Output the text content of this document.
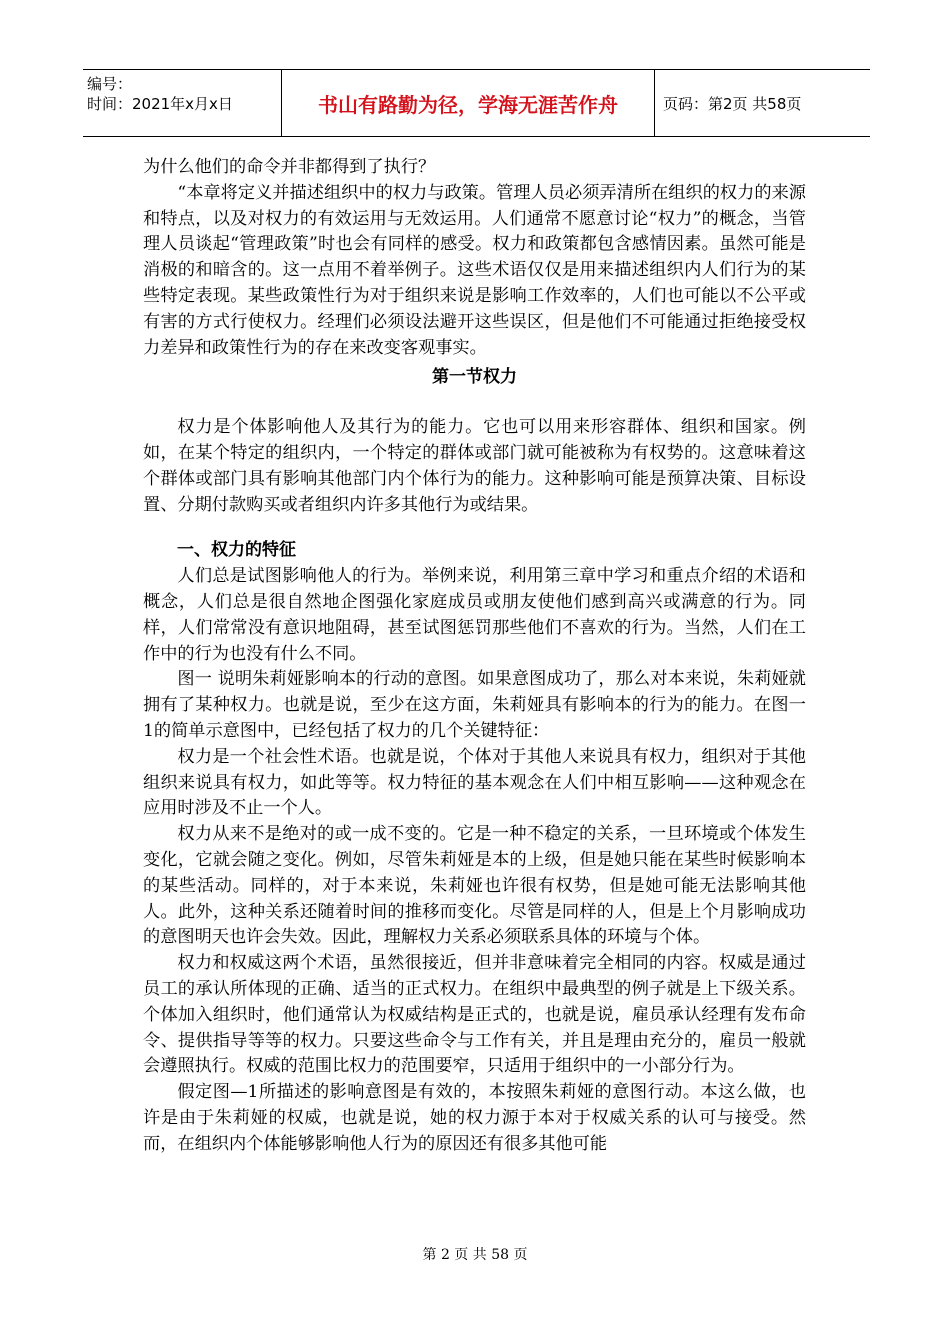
编号：
时间：2021年x月x日	书山有路勤为径，学海无涯苦作舟	页码：第2页 共58页

为什么他们的命令并非都得到了执行？

“本章将定义并描述组织中的权力与政策。管理人员必须弄清所在组织的权力的来源和特点，以及对权力的有效运用与无效运用。人们通常不愿意讨论“权力”的概念，当管理人员谈起“管理政策”时也会有同样的感受。权力和政策都包含感情因素。虽然可能是消极的和暗含的。这一点用不着举例子。这些术语仅仅是用来描述组织内人们行为的某些特定表现。某些政策性行为对于组织来说是影响工作效率的，人们也可能以不公平或有害的方式行使权力。经理们必须设法避开这些误区，但是他们不可能通过拒绝接受权力差异和政策性行为的存在来改变客观事实。

第一节权力

权力是个体影响他人及其行为的能力。它也可以用来形容群体、组织和国家。例如，在某个特定的组织内，一个特定的群体或部门就可能被称为有权势的。这意味着这个群体或部门具有影响其他部门内个体行为的能力。这种影响可能是预算决策、目标设置、分期付款购买或者组织内许多其他行为或结果。

一、权力的特征

人们总是试图影响他人的行为。举例来说，利用第三章中学习和重点介绍的术语和概念，人们总是很自然地企图强化家庭成员或朋友使他们感到高兴或满意的行为。同样，人们常常没有意识地阻碍，甚至试图惩罚那些他们不喜欢的行为。当然，人们在工作中的行为也没有什么不同。

图一 说明朱莉娅影响本的行动的意图。如果意图成功了，那么对本来说，朱莉娅就拥有了某种权力。也就是说，至少在这方面，朱莉娅具有影响本的行为的能力。在图一1的简单示意图中，已经包括了权力的几个关键特征：

权力是一个社会性术语。也就是说，个体对于其他人来说具有权力，组织对于其他组织来说具有权力，如此等等。权力特征的基本观念在人们中相互影响——这种观念在应用时涉及不止一个人。

权力从来不是绝对的或一成不变的。它是一种不稳定的关系，一旦环境或个体发生变化，它就会随之变化。例如，尽管朱莉娅是本的上级，但是她只能在某些时候影响本的某些活动。同样的，对于本来说，朱莉娅也许很有权势，但是她可能无法影响其他人。此外，这种关系还随着时间的推移而变化。尽管是同样的人，但是上个月影响成功的意图明天也许会失效。因此，理解权力关系必须联系具体的环境与个体。

权力和权威这两个术语，虽然很接近，但并非意味着完全相同的内容。权威是通过员工的承认所体现的正确、适当的正式权力。在组织中最典型的例子就是上下级关系。个体加入组织时，他们通常认为权威结构是正式的，也就是说，雇员承认经理有发布命令、提供指导等等的权力。只要这些命令与工作有关，并且是理由充分的，雇员一般就会遵照执行。权威的范围比权力的范围要窄，只适用于组织中的一小部分行为。

假定图—1所描述的影响意图是有效的，本按照朱莉娅的意图行动。本这么做，也许是由于朱莉娅的权威，也就是说，她的权力源于本对于权威关系的认可与接受。然而，在组织内个体能够影响他人行为的原因还有很多其他可能

第 2 页 共 58 页
